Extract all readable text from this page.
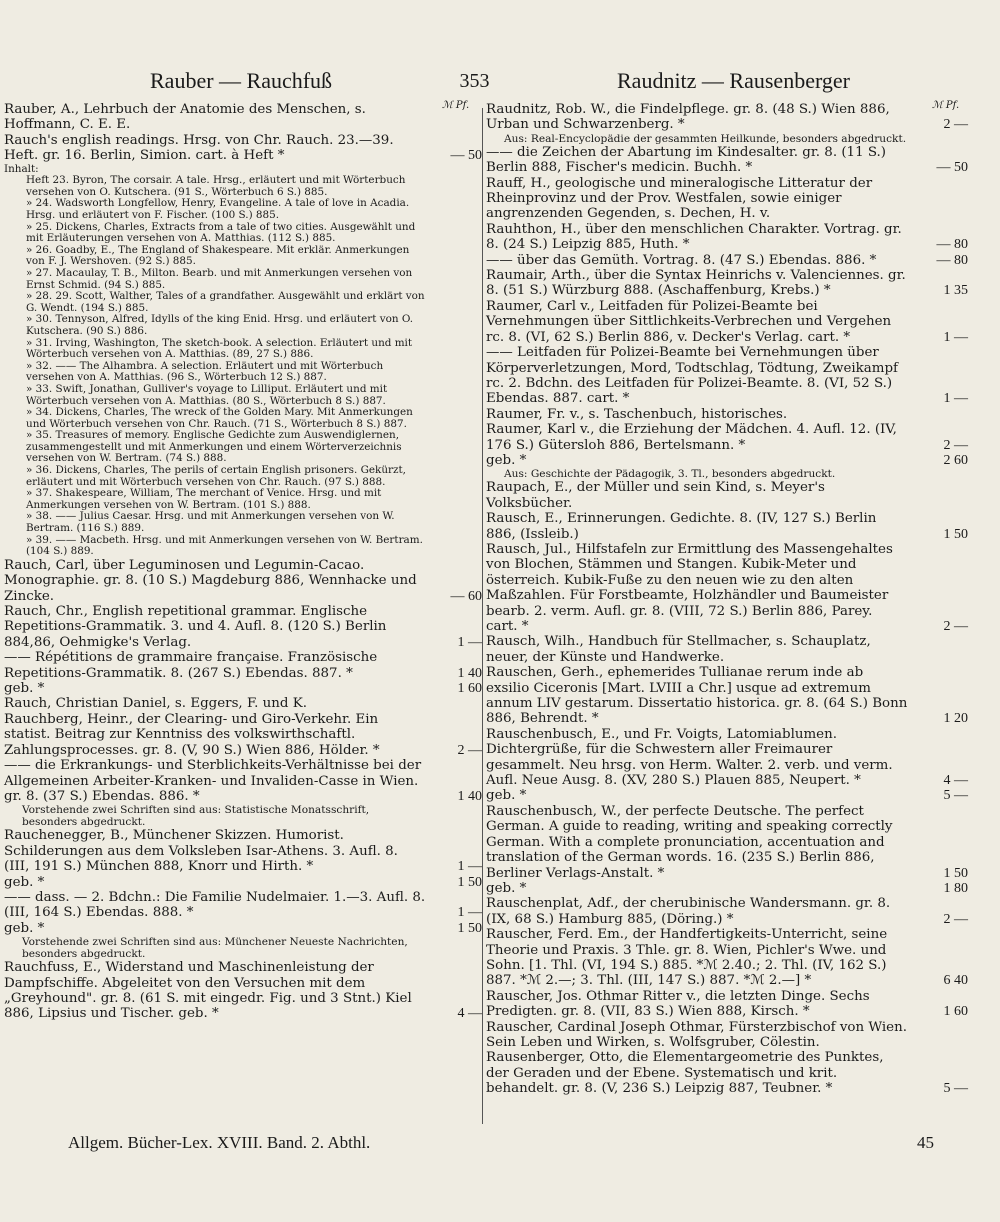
Rauber — Rauchfuß	353	Raudnitz — Rausenberger
ℳ Pf.

Rauber, A., Lehrbuch der Anatomie des Menschen, s. Hoffmann, C. E. E.

Rauch's english readings. Hrsg. von Chr. Rauch. 23.—39. Heft. gr. 16. Berlin, Simion. cart. à Heft *	— 50

Inhalt:

Heft 23. Byron, The corsair. A tale. Hrsg., erläutert und mit Wörterbuch versehen von O. Kutschera. (91 S., Wörterbuch 6 S.) 885.

» 24. Wadsworth Longfellow, Henry, Evangeline. A tale of love in Acadia. Hrsg. und erläutert von F. Fischer. (100 S.) 885.

» 25. Dickens, Charles, Extracts from a tale of two cities. Ausgewählt und mit Erläuterungen versehen von A. Matthias. (112 S.) 885.

» 26. Goadby, E., The England of Shakespeare. Mit erklär. Anmerkungen von F. J. Wershoven. (92 S.) 885.

» 27. Macaulay, T. B., Milton. Bearb. und mit Anmerkungen versehen von Ernst Schmid. (94 S.) 885.

» 28. 29. Scott, Walther, Tales of a grandfather. Ausgewählt und erklärt von G. Wendt. (194 S.) 885.

» 30. Tennyson, Alfred, Idylls of the king Enid. Hrsg. und erläutert von O. Kutschera. (90 S.) 886.

» 31. Irving, Washington, The sketch-book. A selection. Erläutert und mit Wörterbuch versehen von A. Matthias. (89, 27 S.) 886.

» 32. —— The Alhambra. A selection. Erläutert und mit Wörterbuch versehen von A. Matthias. (96 S., Wörterbuch 12 S.) 887.

» 33. Swift, Jonathan, Gulliver's voyage to Lilliput. Erläutert und mit Wörterbuch versehen von A. Matthias. (80 S., Wörterbuch 8 S.) 887.

» 34. Dickens, Charles, The wreck of the Golden Mary. Mit Anmerkungen und Wörterbuch versehen von Chr. Rauch. (71 S., Wörterbuch 8 S.) 887.

» 35. Treasures of memory. Englische Gedichte zum Auswendiglernen, zusammengestellt und mit Anmerkungen und einem Wörterverzeichnis versehen von W. Bertram. (74 S.) 888.

» 36. Dickens, Charles, The perils of certain English prisoners. Gekürzt, erläutert und mit Wörterbuch versehen von Chr. Rauch. (97 S.) 888.

» 37. Shakespeare, William, The merchant of Venice. Hrsg. und mit Anmerkungen versehen von W. Bertram. (101 S.) 888.

» 38. —— Julius Caesar. Hrsg. und mit Anmerkungen versehen von W. Bertram. (116 S.) 889.

» 39. —— Macbeth. Hrsg. und mit Anmerkungen versehen von W. Bertram. (104 S.) 889.

Rauch, Carl, über Leguminosen und Legumin-Cacao. Monographie. gr. 8. (10 S.) Magdeburg 886, Wennhacke und Zincke.	— 60

Rauch, Chr., English repetitional grammar. Englische Repetitions-Grammatik. 3. und 4. Aufl. 8. (120 S.) Berlin 884,86, Oehmigke's Verlag.	1 —

—— Répétitions de grammaire française. Französische Repetitions-Grammatik. 8. (267 S.) Ebendas. 887. *	1 40

geb. *	1 60

Rauch, Christian Daniel, s. Eggers, F. und K.

Rauchberg, Heinr., der Clearing- und Giro-Verkehr. Ein statist. Beitrag zur Kenntniss des volkswirthschaftl. Zahlungsprocesses. gr. 8. (V, 90 S.) Wien 886, Hölder. *	2 —

—— die Erkrankungs- und Sterblichkeits-Verhältnisse bei der Allgemeinen Arbeiter-Kranken- und Invaliden-Casse in Wien. gr. 8. (37 S.) Ebendas. 886. *	1 40

Vorstehende zwei Schriften sind aus: Statistische Monatsschrift, besonders abgedruckt.

Rauchenegger, B., Münchener Skizzen. Humorist. Schilderungen aus dem Volksleben Isar-Athens. 3. Aufl. 8. (III, 191 S.) München 888, Knorr und Hirth. *	1 —

geb. *	1 50

—— dass. — 2. Bdchn.: Die Familie Nudelmaier. 1.—3. Aufl. 8. (III, 164 S.) Ebendas. 888. *	1 —

geb. *	1 50

Vorstehende zwei Schriften sind aus: Münchener Neueste Nachrichten, besonders abgedruckt.

Rauchfuss, E., Widerstand und Maschinenleistung der Dampfschiffe. Abgeleitet von den Versuchen mit dem „Greyhound". gr. 8. (61 S. mit eingedr. Fig. und 3 Stnt.) Kiel 886, Lipsius und Tischer. geb. *	4 —

ℳ Pf.

Raudnitz, Rob. W., die Findelpflege. gr. 8. (48 S.) Wien 886, Urban und Schwarzenberg. *	2 —

Aus: Real-Encyclopädie der gesammten Heilkunde, besonders abgedruckt.

—— die Zeichen der Abartung im Kindesalter. gr. 8. (11 S.) Berlin 888, Fischer's medicin. Buchh. *	— 50

Rauff, H., geologische und mineralogische Litteratur der Rheinprovinz und der Prov. Westfalen, sowie einiger angrenzenden Gegenden, s. Dechen, H. v.

Rauhthon, H., über den menschlichen Charakter. Vortrag. gr. 8. (24 S.) Leipzig 885, Huth. *	— 80

—— über das Gemüth. Vortrag. 8. (47 S.) Ebendas. 886. *	— 80

Raumair, Arth., über die Syntax Heinrichs v. Valenciennes. gr. 8. (51 S.) Würzburg 888. (Aschaffenburg, Krebs.) *	1 35

Raumer, Carl v., Leitfaden für Polizei-Beamte bei Vernehmungen über Sittlichkeits-Verbrechen und Vergehen rc. 8. (VI, 62 S.) Berlin 886, v. Decker's Verlag. cart. *	1 —

—— Leitfaden für Polizei-Beamte bei Vernehmungen über Körperverletzungen, Mord, Todtschlag, Tödtung, Zweikampf rc. 2. Bdchn. des Leitfaden für Polizei-Beamte. 8. (VI, 52 S.) Ebendas. 887. cart. *	1 —

Raumer, Fr. v., s. Taschenbuch, historisches.

Raumer, Karl v., die Erziehung der Mädchen. 4. Aufl. 12. (IV, 176 S.) Gütersloh 886, Bertelsmann. *	2 —

geb. *	2 60

Aus: Geschichte der Pädagogik, 3. Tl., besonders abgedruckt.

Raupach, E., der Müller und sein Kind, s. Meyer's Volksbücher.

Rausch, E., Erinnerungen. Gedichte. 8. (IV, 127 S.) Berlin 886, (Issleib.)	1 50

Rausch, Jul., Hilfstafeln zur Ermittlung des Massengehaltes von Blochen, Stämmen und Stangen. Kubik-Meter und österreich. Kubik-Fuße zu den neuen wie zu den alten Maßzahlen. Für Forstbeamte, Holzhändler und Baumeister bearb. 2. verm. Aufl. gr. 8. (VIII, 72 S.) Berlin 886, Parey. cart. *	2 —

Rausch, Wilh., Handbuch für Stellmacher, s. Schauplatz, neuer, der Künste und Handwerke.

Rauschen, Gerh., ephemerides Tullianae rerum inde ab exsilio Ciceronis [Mart. LVIII a Chr.] usque ad extremum annum LIV gestarum. Dissertatio historica. gr. 8. (64 S.) Bonn 886, Behrendt. *	1 20

Rauschenbusch, E., und Fr. Voigts, Latomiablumen. Dichtergrüße, für die Schwestern aller Freimaurer gesammelt. Neu hrsg. von Herm. Walter. 2. verb. und verm. Aufl. Neue Ausg. 8. (XV, 280 S.) Plauen 885, Neupert. *	4 —

geb. *	5 —

Rauschenbusch, W., der perfecte Deutsche. The perfect German. A guide to reading, writing and speaking correctly German. With a complete pronunciation, accentuation and translation of the German words. 16. (235 S.) Berlin 886, Berliner Verlags-Anstalt. *	1 50

geb. *	1 80

Rauschenplat, Adf., der cherubinische Wandersmann. gr. 8. (IX, 68 S.) Hamburg 885, (Döring.) *	2 —

Rauscher, Ferd. Em., der Handfertigkeits-Unterricht, seine Theorie und Praxis. 3 Thle. gr. 8. Wien, Pichler's Wwe. und Sohn. [1. Thl. (VI, 194 S.) 885. *ℳ 2.40.; 2. Thl. (IV, 162 S.) 887. *ℳ 2.—; 3. Thl. (III, 147 S.) 887. *ℳ 2.—] *	6 40

Rauscher, Jos. Othmar Ritter v., die letzten Dinge. Sechs Predigten. gr. 8. (VII, 83 S.) Wien 888, Kirsch. *	1 60

Rauscher, Cardinal Joseph Othmar, Fürsterzbischof von Wien. Sein Leben und Wirken, s. Wolfsgruber, Cölestin.

Rausenberger, Otto, die Elementargeometrie des Punktes, der Geraden und der Ebene. Systematisch und krit. behandelt. gr. 8. (V, 236 S.) Leipzig 887, Teubner. *	5 —

Allgem. Bücher-Lex. XVIII. Band. 2. Abthl.	45
